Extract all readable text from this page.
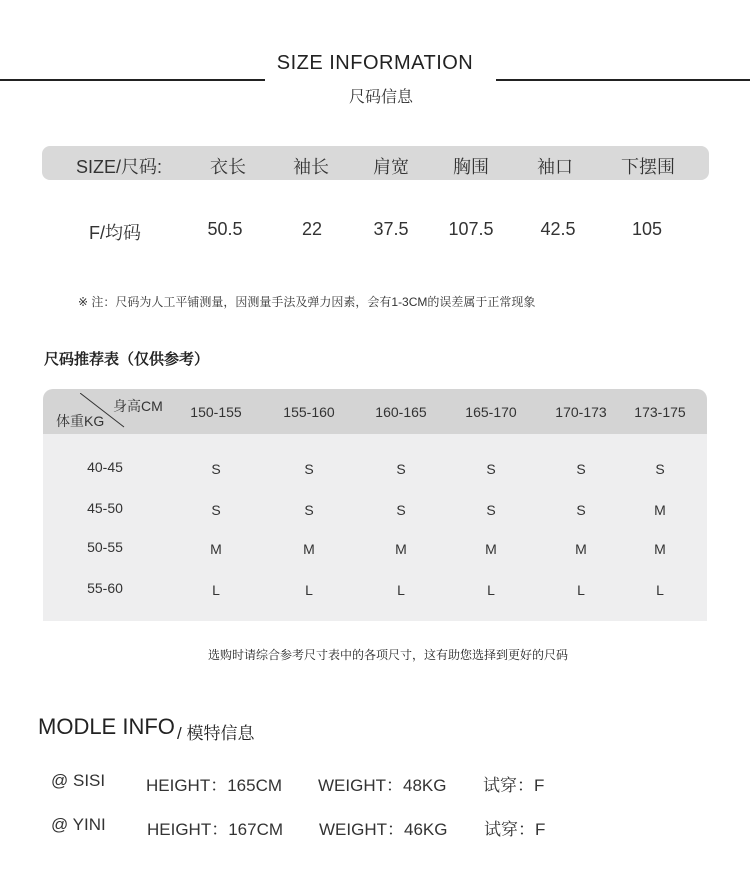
SIZE INFORMATION
尺码信息
SIZE/尺码:	衣长	袖长 肩宽 胸围	袖口	下摆围
F/均码	50.5	22	37.5 107.5	42.5	105
※ 注：尺码为人工平铺测量，因测量手法及弹力因素，会有1-3CM的误差属于正常现象
尺码推荐表（仅供参考）
身高CM
体重KG
150-155	155-160	160-165	165-170	170-173 173-175
40-45	S	S	S	S	S	S
45-50	S	S	S	S	S	M
50-55	M	M	M	M	M	M
55-60	L	L	L	L	L	L
选购时请综合参考尺寸表中的各项尺寸，这有助您选择到更好的尺码
MODLE INFO / 模特信息
@ SISI HEIGHT：165CM WEIGHT：48KG 试穿：F
@ YINI HEIGHT：167CM WEIGHT：46KG 试穿：F
